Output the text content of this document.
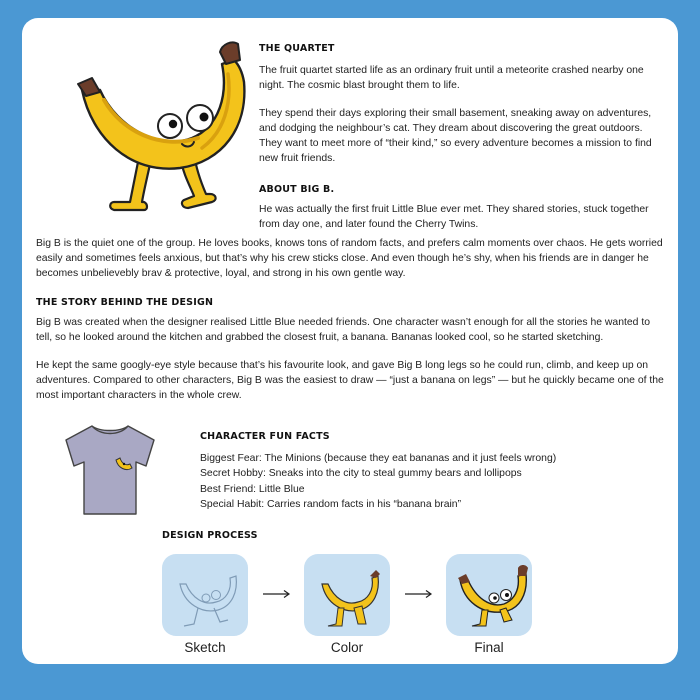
THE QUARTET
The fruit quartet started life as an ordinary fruit until a meteorite crashed nearby one night. The cosmic blast brought them to life.
They spend their days exploring their small basement, sneaking away on adventures, and dodging the neighbour’s cat. They dream about discovering the great outdoors.
They want to meet more of “their kind,” so every adventure becomes a mission to find new fruit friends.
ABOUT BIG B.
He was actually the first fruit Little Blue ever met. They shared stories, stuck together from day one, and later found the Cherry Twins.
Big B is the quiet one of the group. He loves books, knows tons of random facts, and prefers calm moments over chaos. He gets worried easily and sometimes feels anxious, but that’s why his crew sticks close. And even though he’s shy, when his friends are in danger he becomes unbelievebly brav & protective, loyal, and strong in his own gentle way.
THE STORY BEHIND THE DESIGN
Big B was created when the designer realised Little Blue needed friends. One character wasn’t enough for all the stories he wanted to tell, so he looked around the kitchen and grabbed the closest fruit, a banana. Bananas looked cool, so he started sketching.
He kept the same googly-eye style because that’s his favourite look, and gave Big B long legs so he could run, climb, and keep up on adventures. Compared to other characters, Big B was the easiest to draw — “just a banana on legs” — but he quickly became one of the most important characters in the whole crew.
CHARACTER FUN FACTS
Biggest Fear: The Minions (because they eat bananas and it just feels wrong)
Secret Hobby: Sneaks into the city to steal gummy bears and lollipops
Best Friend: Little Blue
Special Habit: Carries random facts in his “banana brain”
DESIGN PROCESS
Sketch	Color	Final
